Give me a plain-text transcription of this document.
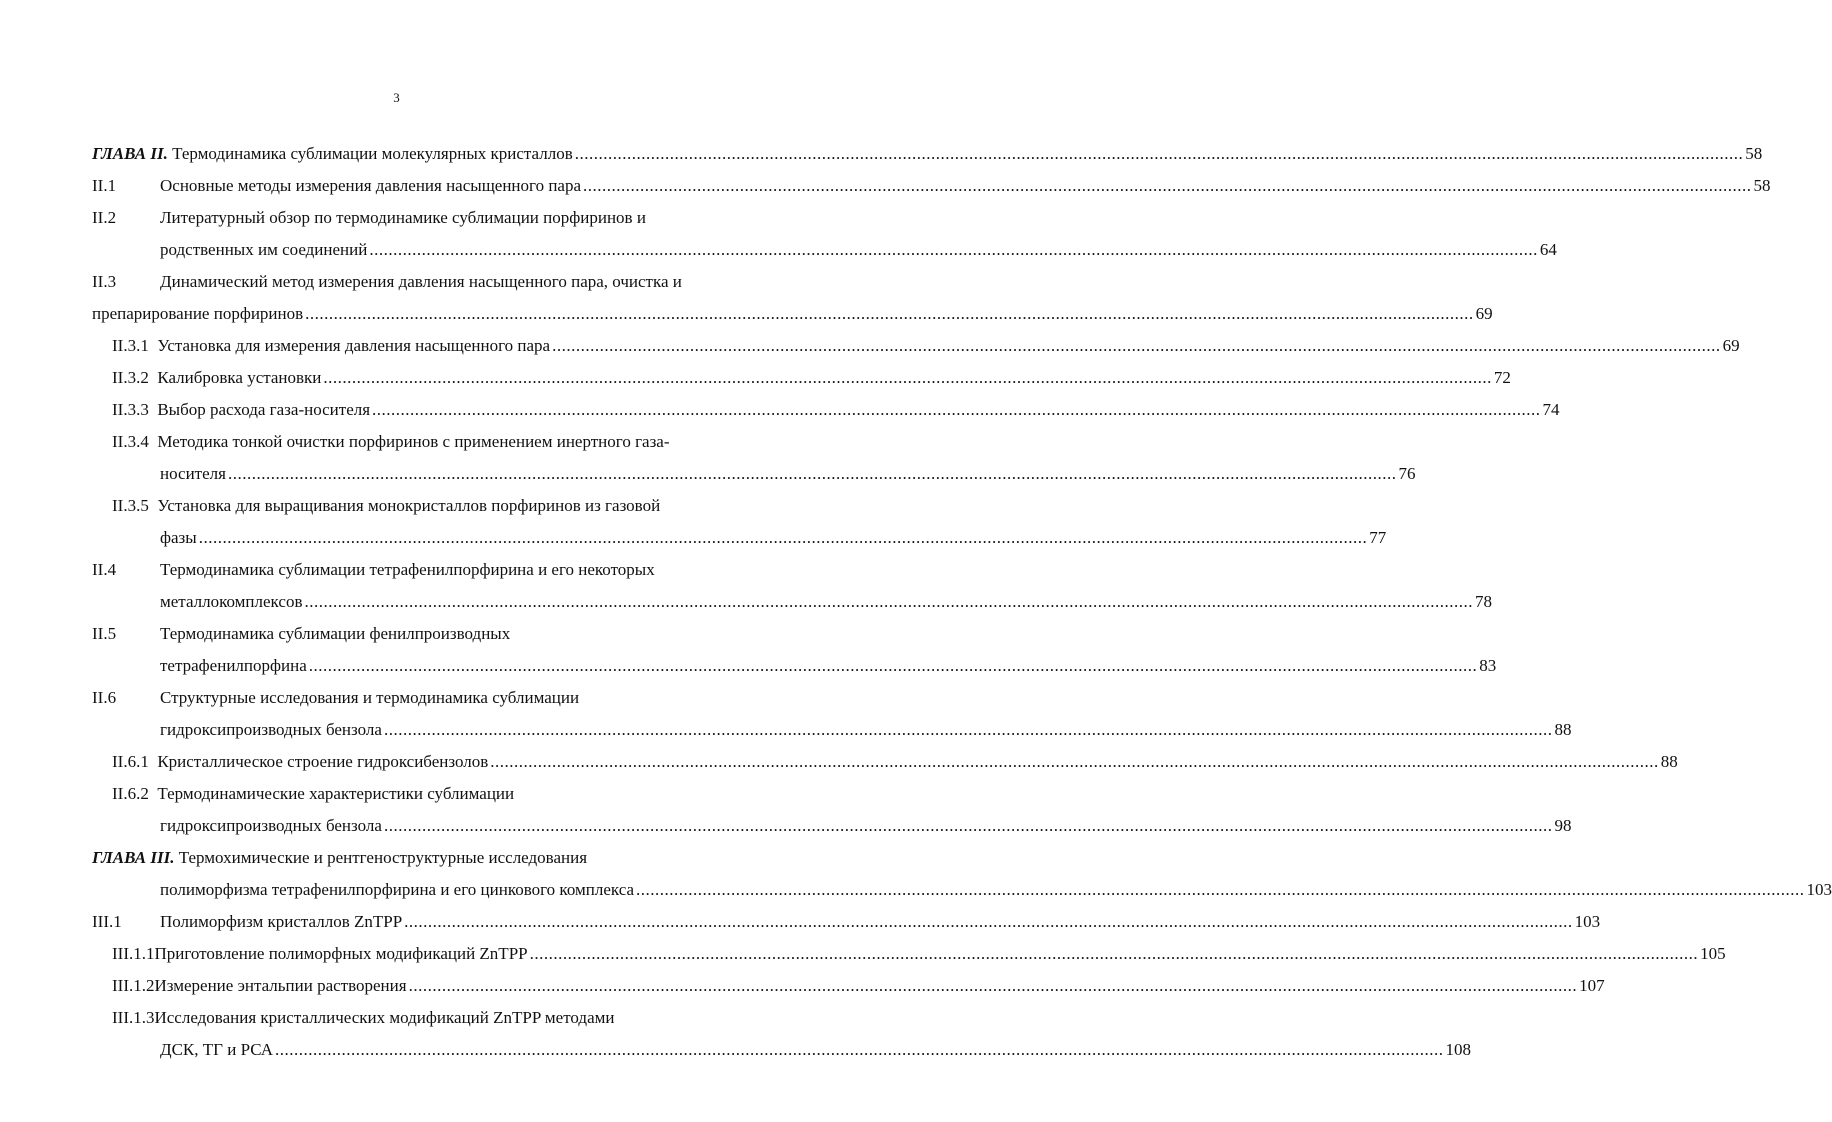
3
ГЛАВА II. Термодинамика сублимации молекулярных кристаллов ...................................................................................................................................................................................................................................................... 58
II.1	Основные методы измерения давления насыщенного пара ...................................................................................................................................................................................................................................................... 58
II.2	Литературный обзор по термодинамике сублимации порфиринов и
родственных им соединений ...................................................................................................................................................................................................................................................... 64
II.3	Динамический метод измерения давления насыщенного пара, очистка и
препарирование порфиринов ...................................................................................................................................................................................................................................................... 69
II.3.1 Установка для измерения давления насыщенного пара ...................................................................................................................................................................................................................................................... 69
II.3.2 Калибровка установки ...................................................................................................................................................................................................................................................... 72
II.3.3 Выбор расхода газа-носителя ...................................................................................................................................................................................................................................................... 74
II.3.4 Методика тонкой очистки порфиринов с применением инертного газа-
носителя ...................................................................................................................................................................................................................................................... 76
II.3.5 Установка для выращивания монокристаллов порфиринов из газовой
фазы ...................................................................................................................................................................................................................................................... 77
II.4	Термодинамика сублимации тетрафенилпорфирина и его некоторых
металлокомплексов ...................................................................................................................................................................................................................................................... 78
II.5	Термодинамика сублимации фенилпроизводных
тетрафенилпорфина ...................................................................................................................................................................................................................................................... 83
II.6	Структурные исследования и термодинамика сублимации
гидроксипроизводных бензола ...................................................................................................................................................................................................................................................... 88
II.6.1 Кристаллическое строение гидроксибензолов ...................................................................................................................................................................................................................................................... 88
II.6.2 Термодинамические характеристики сублимации
гидроксипроизводных бензола ...................................................................................................................................................................................................................................................... 98
ГЛАВА III. Термохимические и рентгеноструктурные исследования
полиморфизма тетрафенилпорфирина и его цинкового комплекса ...................................................................................................................................................................................................................................................... 103
III.1 Полиморфизм кристаллов ZnTPP ...................................................................................................................................................................................................................................................... 103
III.1.1Приготовление полиморфных модификаций ZnTPP ...................................................................................................................................................................................................................................................... 105
III.1.2Измерение энтальпии растворения ...................................................................................................................................................................................................................................................... 107
III.1.3Исследования кристаллических модификаций ZnTPP методами
ДСК, ТГ и РСА ...................................................................................................................................................................................................................................................... 108
